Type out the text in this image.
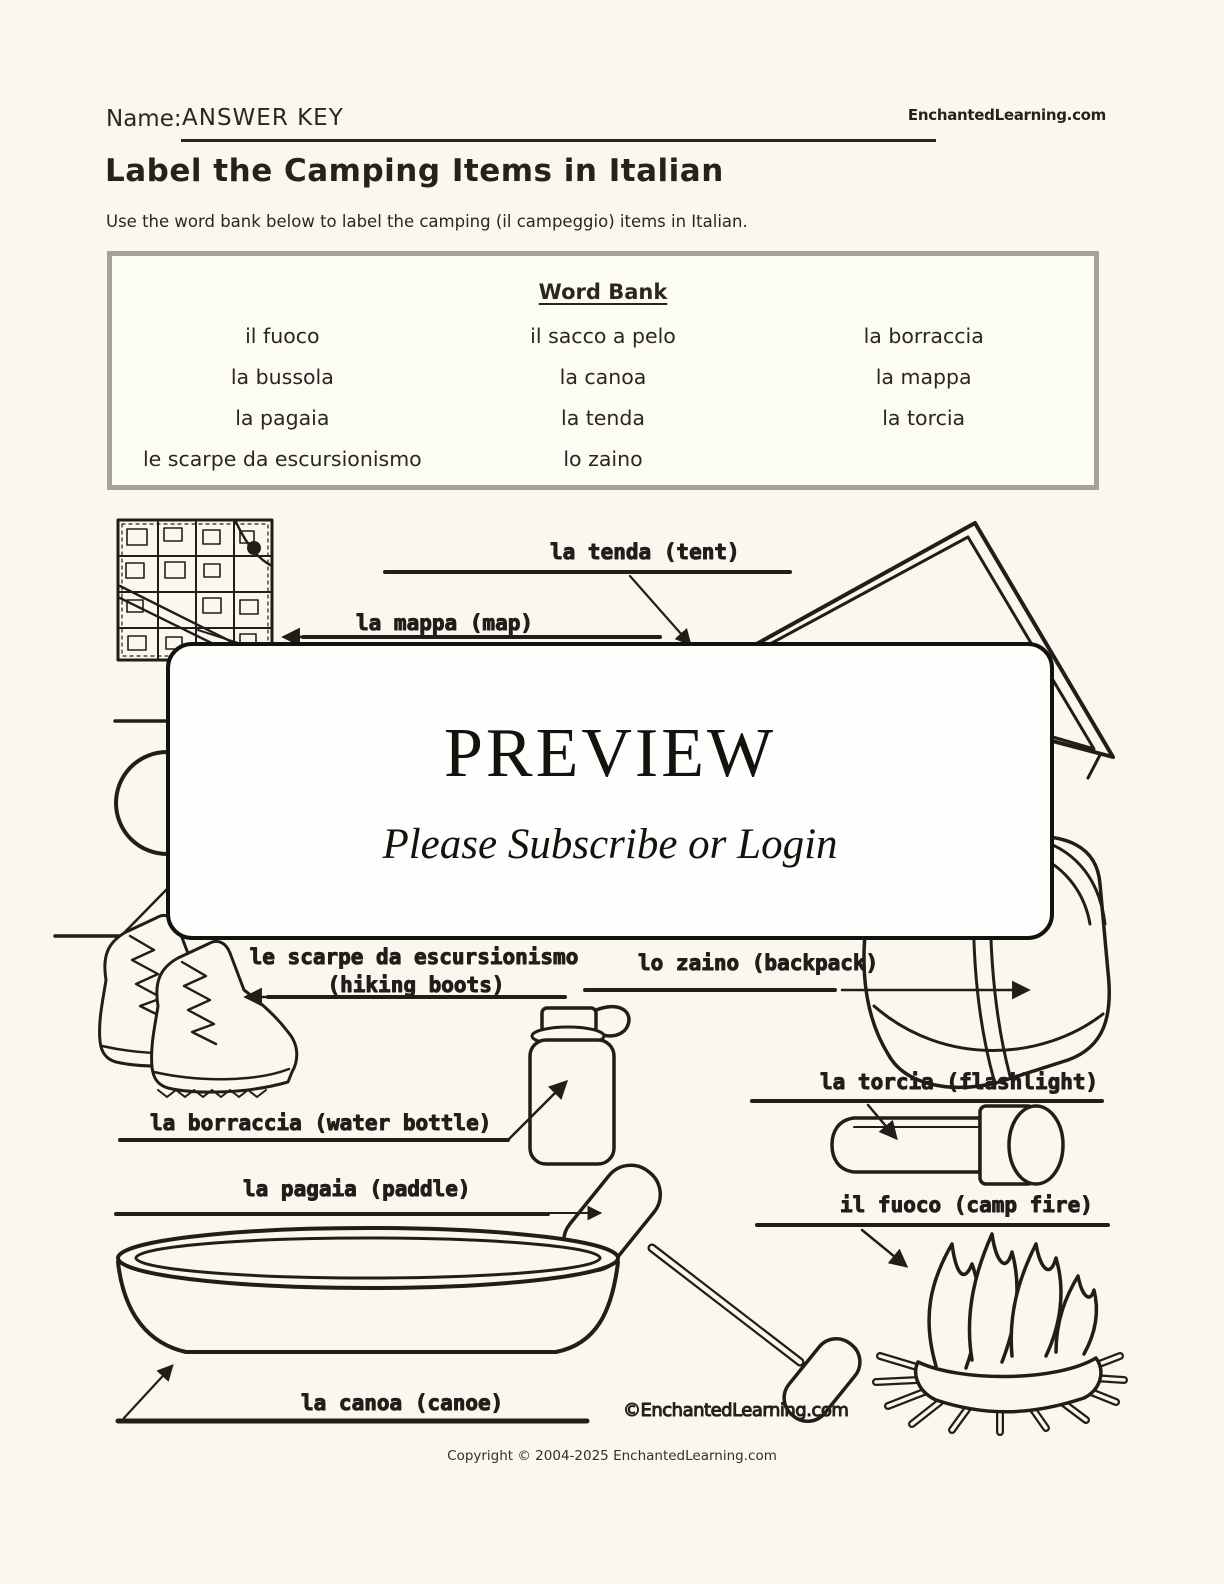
Name: ANSWER KEY	EnchantedLearning.com
Label the Camping Items in Italian
Use the word bank below to label the camping (il campeggio) items in Italian.
Word Bank
il fuoco
la bussola
la pagaia
le scarpe da escursionismo
il sacco a pelo
la canoa
la tenda
lo zaino
la borraccia
la mappa
la torcia
la tenda (tent)
la mappa (map)
le scarpe da escursionismo
(hiking boots)
lo zaino (backpack)
la torcia (flashlight)
la borraccia (water bottle)
la pagaia (paddle)
il fuoco (camp fire)
la canoa (canoe)	©EnchantedLearning.com
PREVIEW
Please Subscribe or Login
Copyright © 2004-2025 EnchantedLearning.com
